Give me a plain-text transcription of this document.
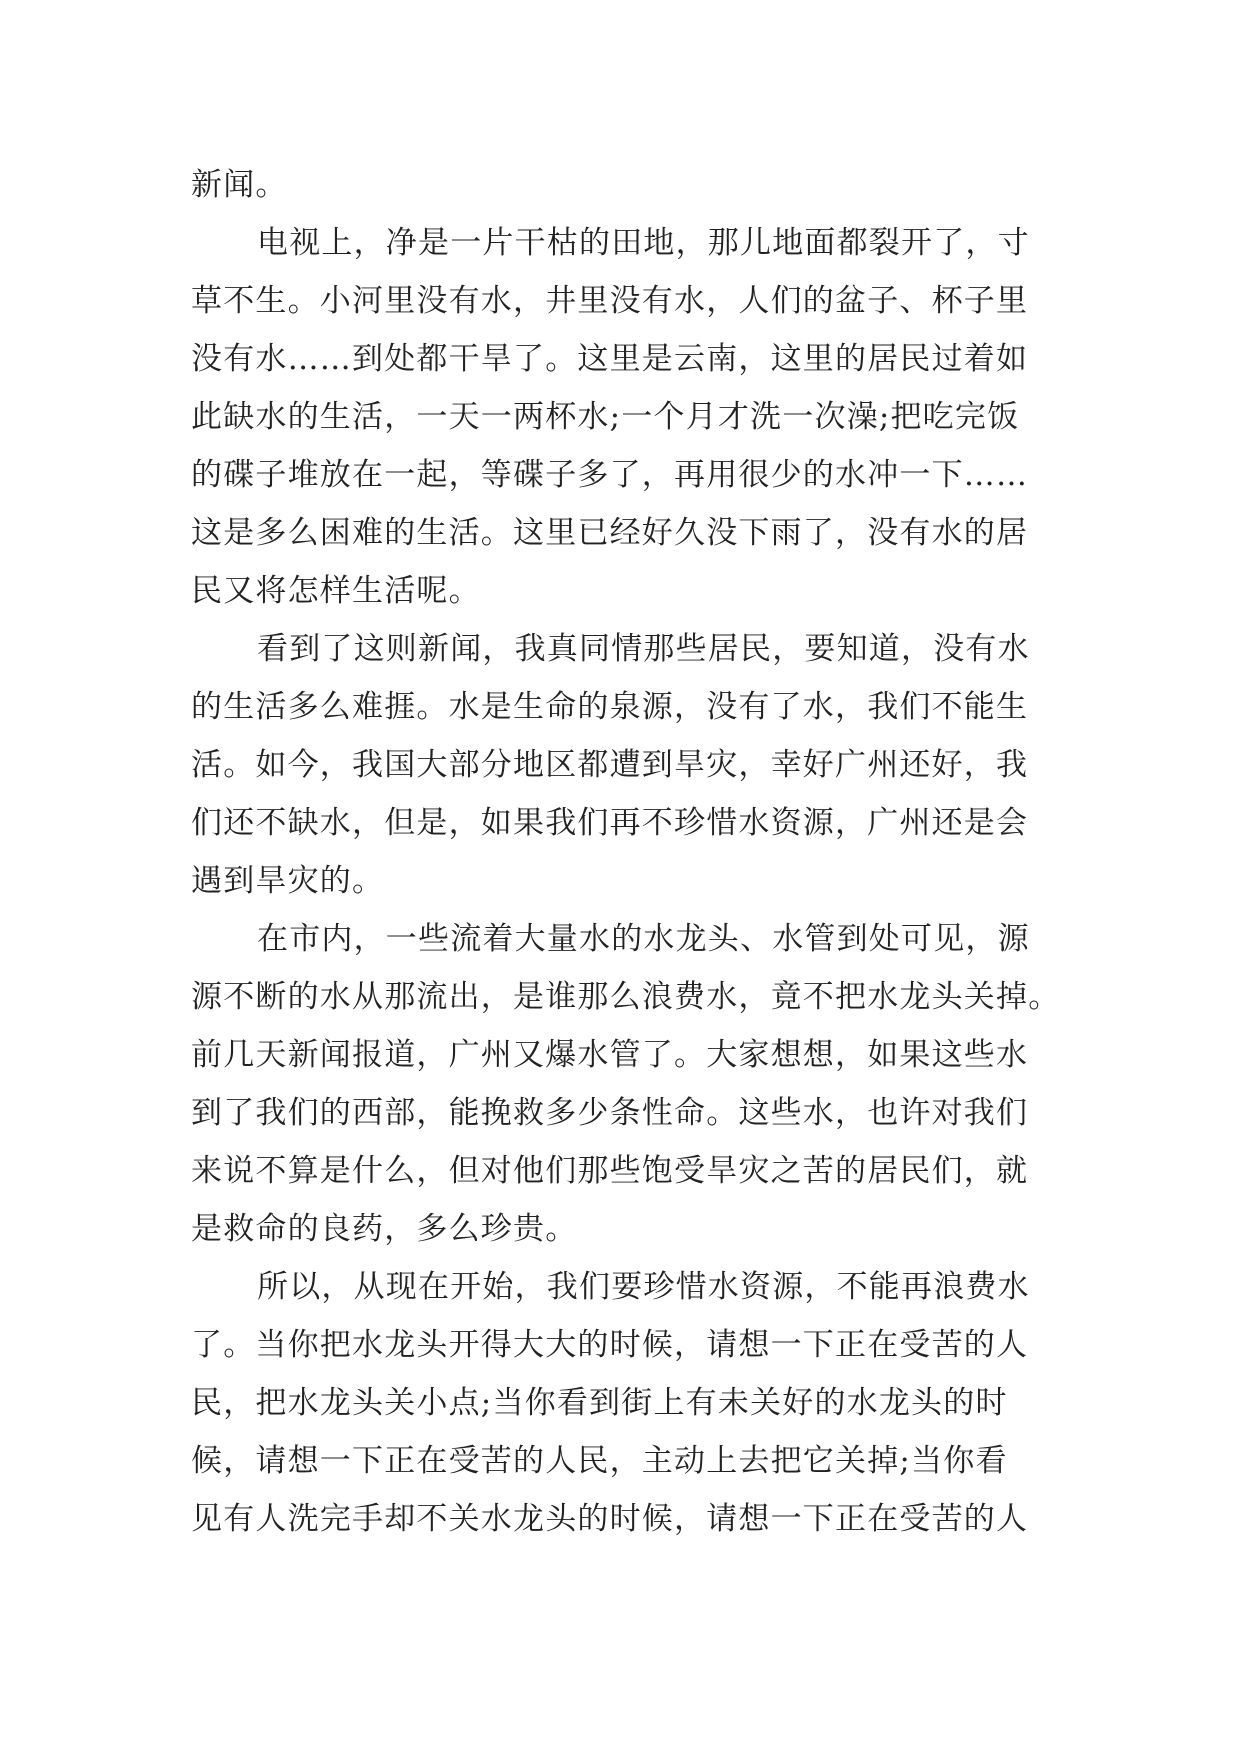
新闻。
电视上，净是一片干枯的田地，那儿地面都裂开了，寸
草不生。小河里没有水，井里没有水，人们的盆子、杯子里
没有水……到处都干旱了。这里是云南，这里的居民过着如
此缺水的生活，一天一两杯水;一个月才洗一次澡;把吃完饭
的碟子堆放在一起，等碟子多了，再用很少的水冲一下……
这是多么困难的生活。这里已经好久没下雨了，没有水的居
民又将怎样生活呢。
看到了这则新闻，我真同情那些居民，要知道，没有水
的生活多么难捱。水是生命的泉源，没有了水，我们不能生
活。如今，我国大部分地区都遭到旱灾，幸好广州还好，我
们还不缺水，但是，如果我们再不珍惜水资源，广州还是会
遇到旱灾的。
在市内，一些流着大量水的水龙头、水管到处可见，源
源不断的水从那流出，是谁那么浪费水，竟不把水龙头关掉。
前几天新闻报道，广州又爆水管了。大家想想，如果这些水
到了我们的西部，能挽救多少条性命。这些水，也许对我们
来说不算是什么，但对他们那些饱受旱灾之苦的居民们，就
是救命的良药，多么珍贵。
所以，从现在开始，我们要珍惜水资源，不能再浪费水
了。当你把水龙头开得大大的时候，请想一下正在受苦的人
民，把水龙头关小点;当你看到街上有未关好的水龙头的时
候，请想一下正在受苦的人民，主动上去把它关掉;当你看
见有人洗完手却不关水龙头的时候，请想一下正在受苦的人
